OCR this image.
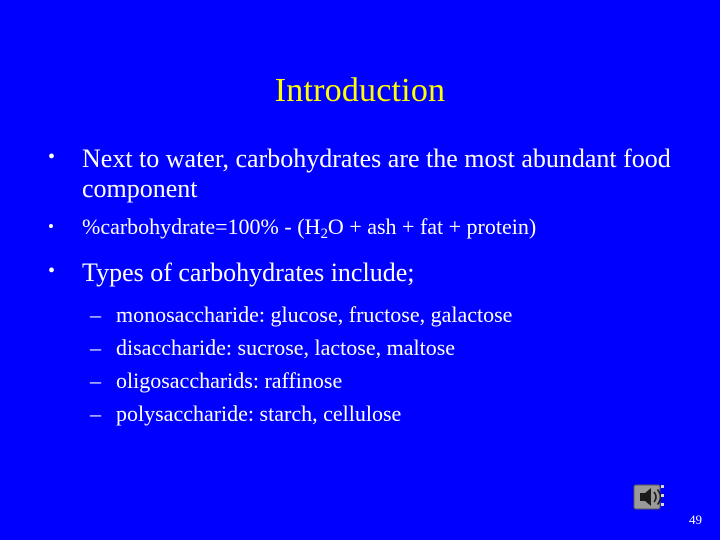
Introduction
•	Next to water, carbohydrates are the most abundant food component
•	%carbohydrate=100% - ($H_2O$ + ash + fat + protein)
•	Types of carbohydrates include;
– monosaccharide: glucose, fructose, galactose
– disaccharide: sucrose, lactose, maltose
– oligosaccharids: raffinose
– polysaccharide: starch, cellulose
49
